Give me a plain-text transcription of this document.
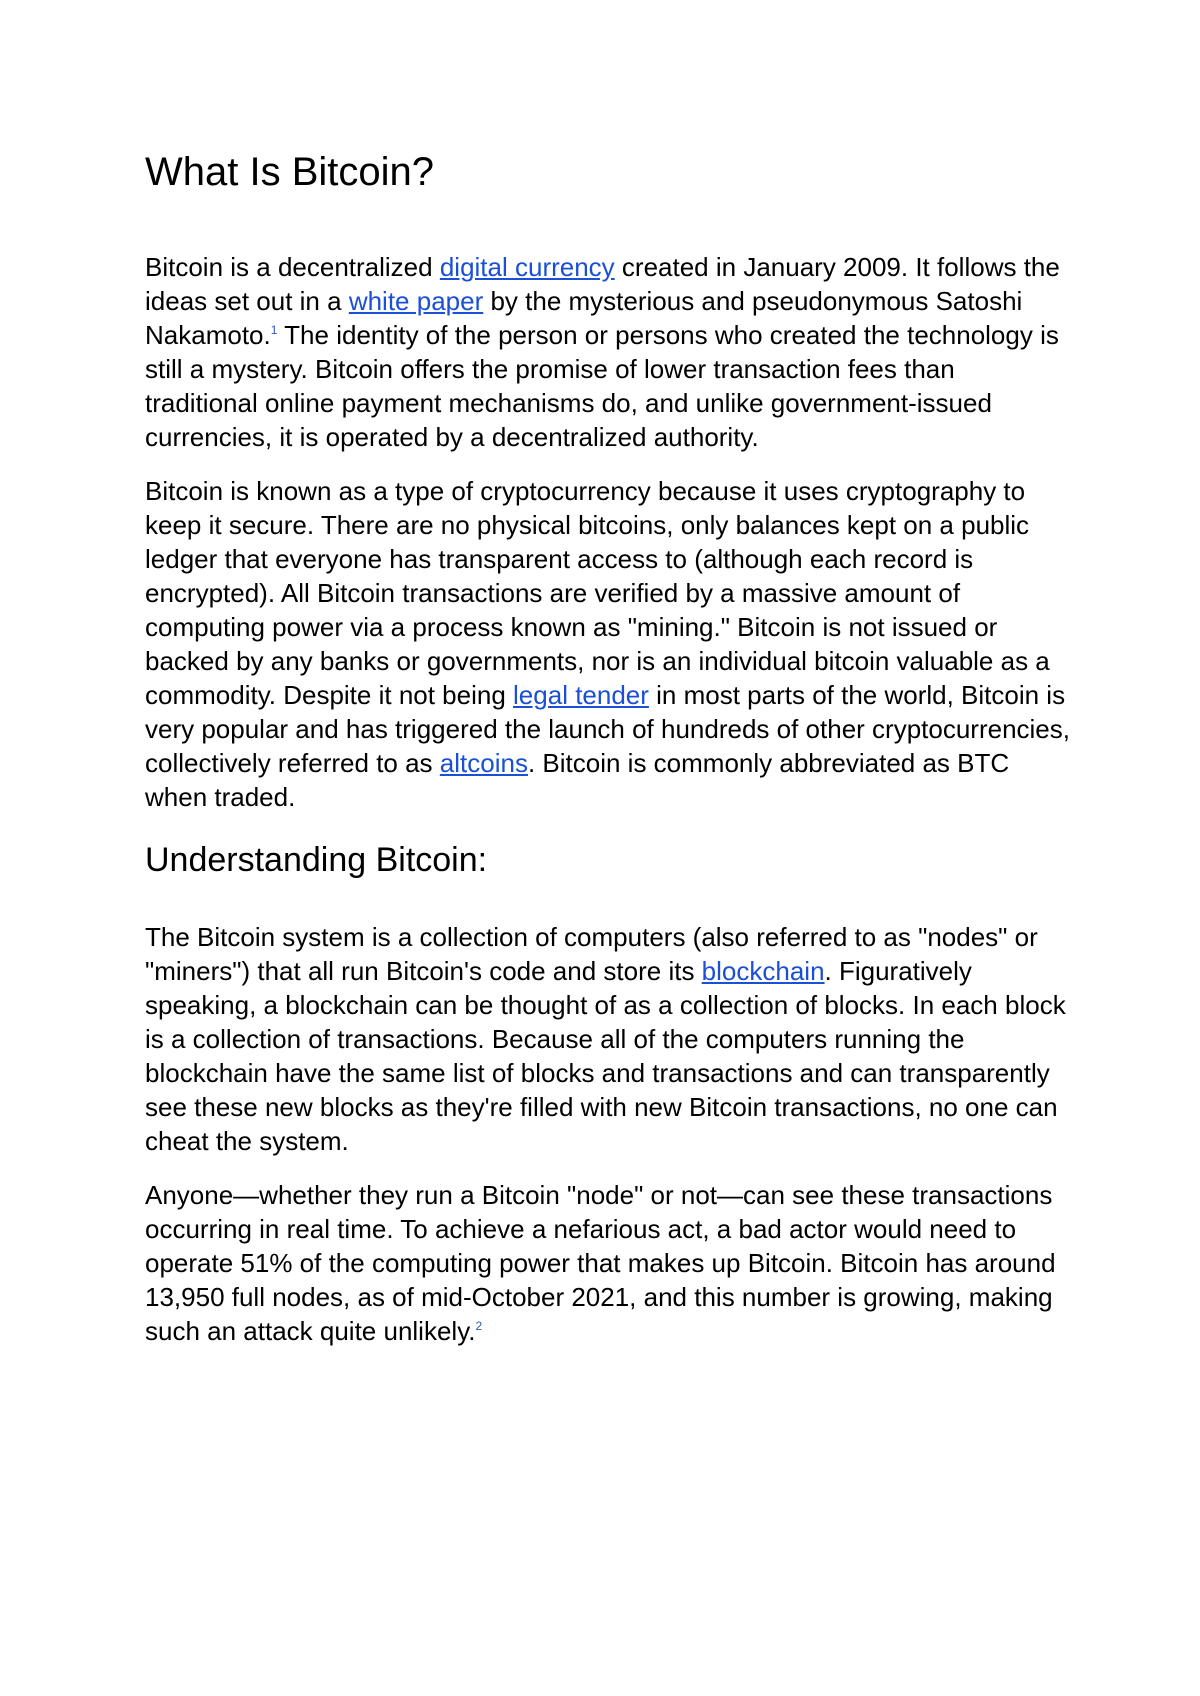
What Is Bitcoin?

Bitcoin is a decentralized digital currency created in January 2009. It follows the ideas set out in a white paper by the mysterious and pseudonymous Satoshi Nakamoto.$^1$ The identity of the person or persons who created the technology is still a mystery. Bitcoin offers the promise of lower transaction fees than traditional online payment mechanisms do, and unlike government-issued currencies, it is operated by a decentralized authority.

Bitcoin is known as a type of cryptocurrency because it uses cryptography to keep it secure. There are no physical bitcoins, only balances kept on a public ledger that everyone has transparent access to (although each record is encrypted). All Bitcoin transactions are verified by a massive amount of computing power via a process known as "mining." Bitcoin is not issued or backed by any banks or governments, nor is an individual bitcoin valuable as a commodity. Despite it not being legal tender in most parts of the world, Bitcoin is very popular and has triggered the launch of hundreds of other cryptocurrencies, collectively referred to as altcoins. Bitcoin is commonly abbreviated as BTC when traded.

Understanding Bitcoin:

The Bitcoin system is a collection of computers (also referred to as "nodes" or "miners") that all run Bitcoin's code and store its blockchain. Figuratively speaking, a blockchain can be thought of as a collection of blocks. In each block is a collection of transactions. Because all of the computers running the blockchain have the same list of blocks and transactions and can transparently see these new blocks as they're filled with new Bitcoin transactions, no one can cheat the system.

Anyone—whether they run a Bitcoin "node" or not—can see these transactions occurring in real time. To achieve a nefarious act, a bad actor would need to operate 51% of the computing power that makes up Bitcoin. Bitcoin has around 13,950 full nodes, as of mid-October 2021, and this number is growing, making such an attack quite unlikely.$^2$
